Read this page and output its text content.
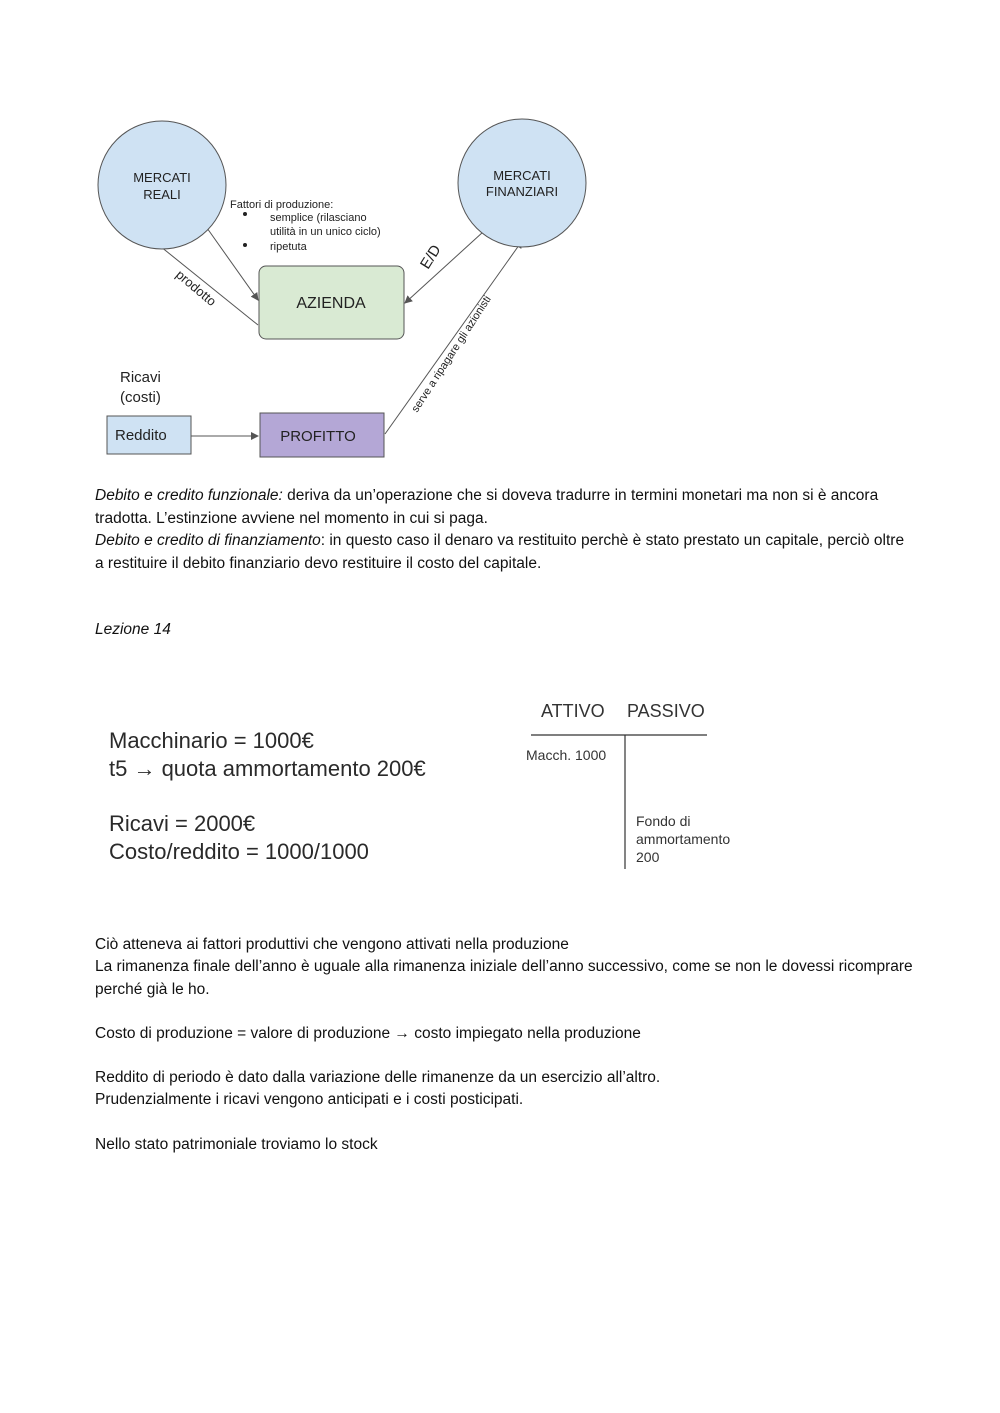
MERCATI
REALI
MERCATI
FINANZIARI
AZIENDA
PROFITTO
Reddito
Ricavi
(costi)
Fattori di produzione:
semplice (rilasciano
utilità in un unico ciclo)
ripetuta
prodotto
E/D
serve a ripagare gli azionisti

Debito e credito funzionale: deriva da un’operazione che si doveva tradurre in termini monetari ma non si è ancora tradotta. L’estinzione avviene nel momento in cui si paga.

Debito e credito di finanziamento: in questo caso il denaro va restituito perchè è stato prestato un capitale, perciò oltre a restituire il debito finanziario devo restituire il costo del capitale.

Lezione 14

Macchinario = 1000€
t5 → quota ammortamento 200€
Ricavi = 2000€
Costo/reddito = 1000/1000
ATTIVO PASSIVO
Macch. 1000
Fondo di
ammortamento
200

Ciò atteneva ai fattori produttivi che vengono attivati nella produzione

La rimanenza finale dell’anno è uguale alla rimanenza iniziale dell’anno successivo, come se non le dovessi ricomprare perché già le ho.

Costo di produzione = valore di produzione → costo impiegato nella produzione

Reddito di periodo è dato dalla variazione delle rimanenze da un esercizio all’altro.

Prudenzialmente i ricavi vengono anticipati e i costi posticipati.

Nello stato patrimoniale troviamo lo stock
